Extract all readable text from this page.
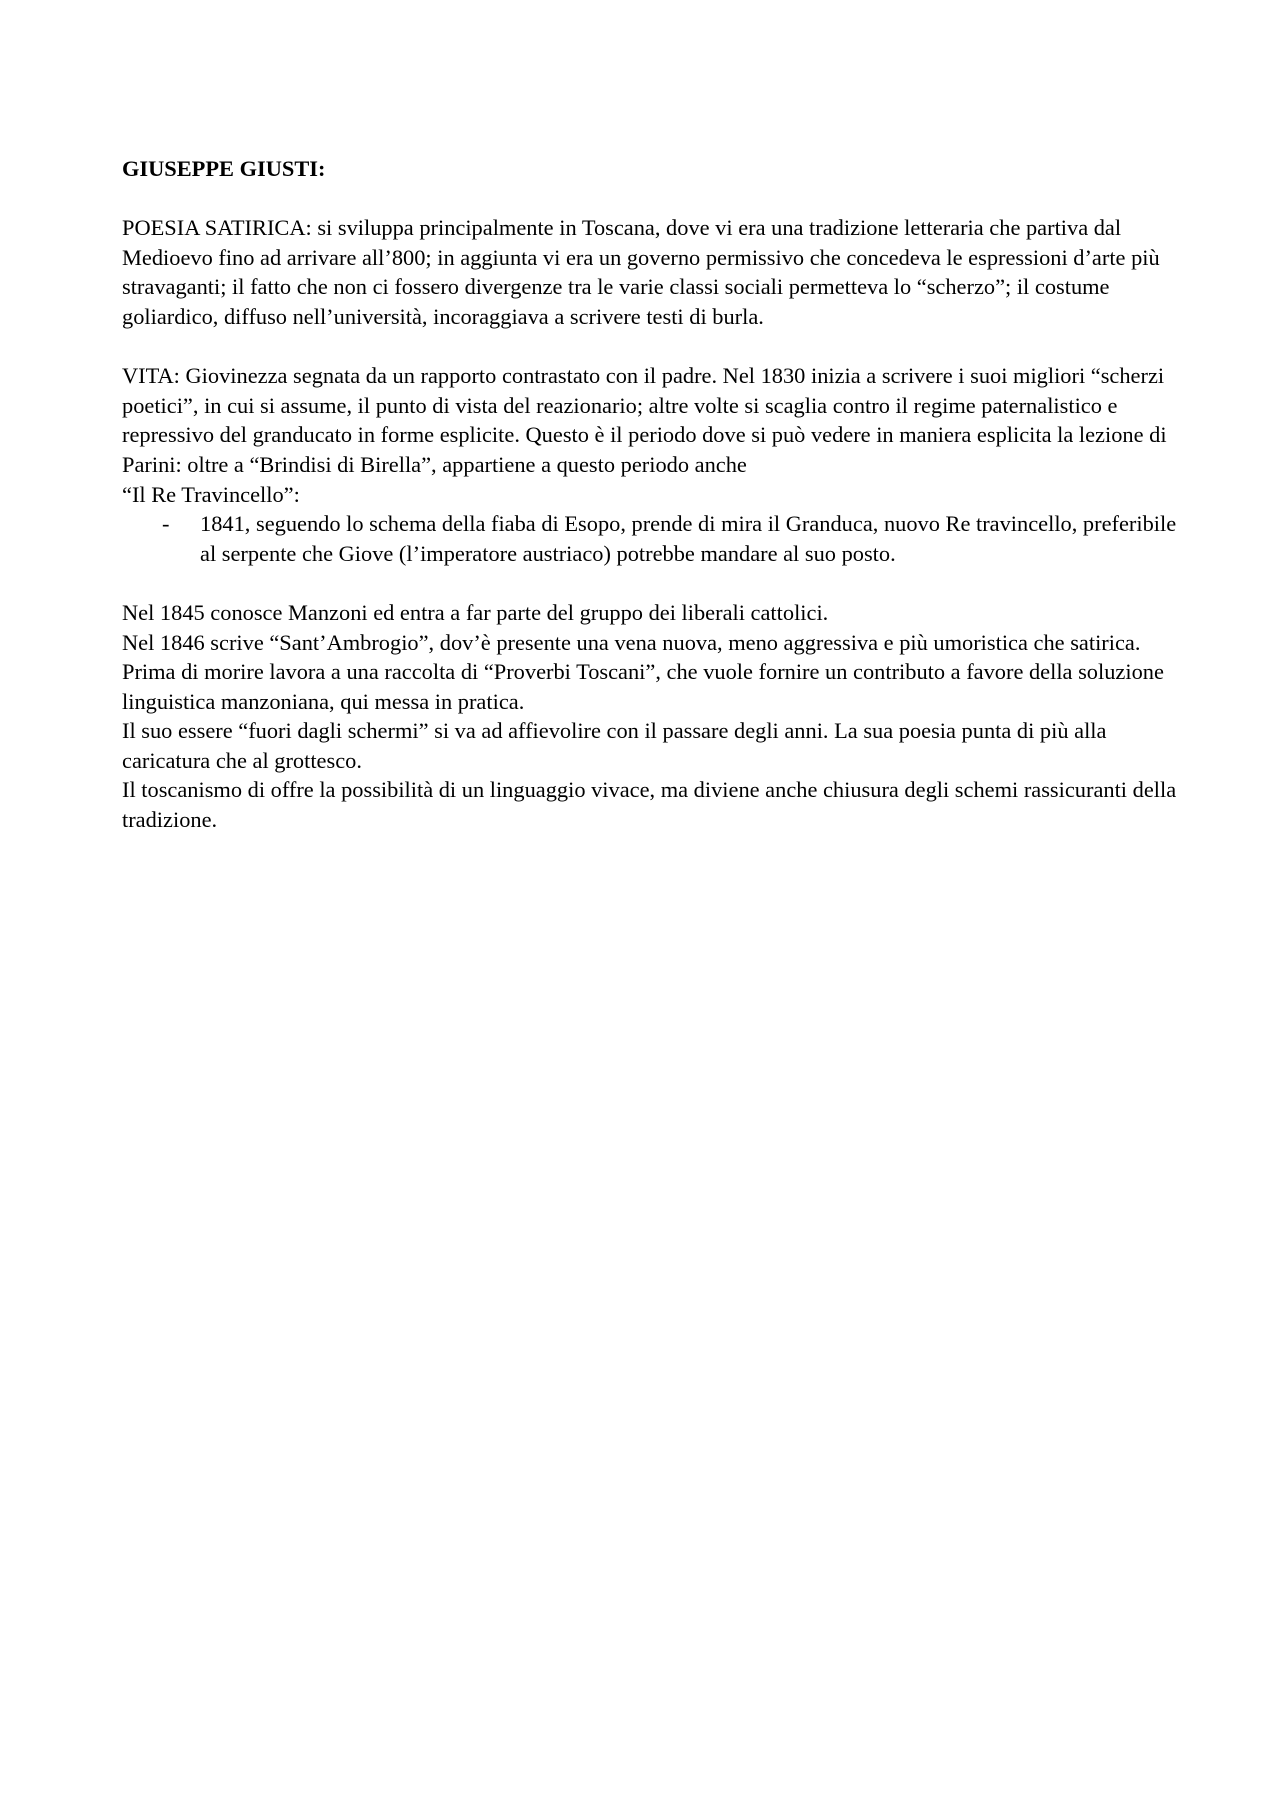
GIUSEPPE GIUSTI:

POESIA SATIRICA: si sviluppa principalmente in Toscana, dove vi era una tradizione letteraria che partiva dal Medioevo fino ad arrivare all’800; in aggiunta vi era un governo permissivo che concedeva le espressioni d’arte più stravaganti; il fatto che non ci fossero divergenze tra le varie classi sociali permetteva lo “scherzo”; il costume goliardico, diffuso nell’università, incoraggiava a scrivere testi di burla.

VITA: Giovinezza segnata da un rapporto contrastato con il padre. Nel 1830 inizia a scrivere i suoi migliori “scherzi poetici”, in cui si assume, il punto di vista del reazionario; altre volte si scaglia contro il regime paternalistico e repressivo del granducato in forme esplicite. Questo è il periodo dove si può vedere in maniera esplicita la lezione di Parini: oltre a “Brindisi di Birella”, appartiene a questo periodo anche

“Il Re Travincello”:

- 1841, seguendo lo schema della fiaba di Esopo, prende di mira il Granduca, nuovo Re travincello, preferibile al serpente che Giove (l’imperatore austriaco) potrebbe mandare al suo posto.

Nel 1845 conosce Manzoni ed entra a far parte del gruppo dei liberali cattolici.

Nel 1846 scrive “Sant’Ambrogio”, dov’è presente una vena nuova, meno aggressiva e più umoristica che satirica.

Prima di morire lavora a una raccolta di “Proverbi Toscani”, che vuole fornire un contributo a favore della soluzione linguistica manzoniana, qui messa in pratica.

Il suo essere “fuori dagli schermi” si va ad affievolire con il passare degli anni. La sua poesia punta di più alla caricatura che al grottesco.

Il toscanismo di offre la possibilità di un linguaggio vivace, ma diviene anche chiusura degli schemi rassicuranti della tradizione.
